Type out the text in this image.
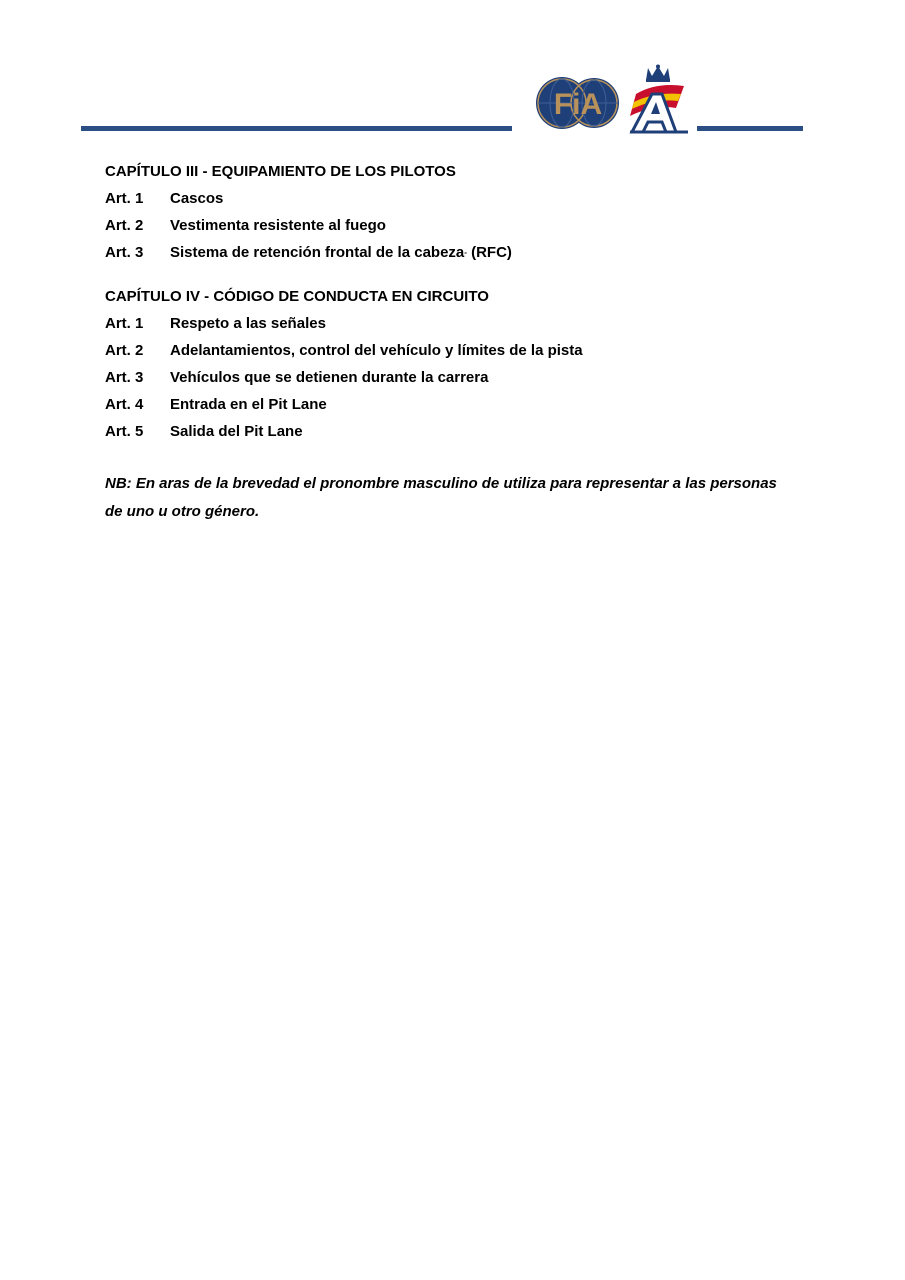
FiA
CAPÍTULO III - EQUIPAMIENTO DE LOS PILOTOS
Art. 1	Cascos
Art. 2	Vestimenta resistente al fuego
Art. 3	Sistema de retención frontal de la cabeza- (RFC)
CAPÍTULO IV - CÓDIGO DE CONDUCTA EN CIRCUITO
Art. 1	Respeto a las señales
Art. 2	Adelantamientos, control del vehículo y límites de la pista
Art. 3	Vehículos que se detienen durante la carrera
Art. 4	Entrada en el Pit Lane
Art. 5	Salida del Pit Lane

NB: En aras de la brevedad el pronombre masculino de utiliza para representar a las personas de uno u otro género.
